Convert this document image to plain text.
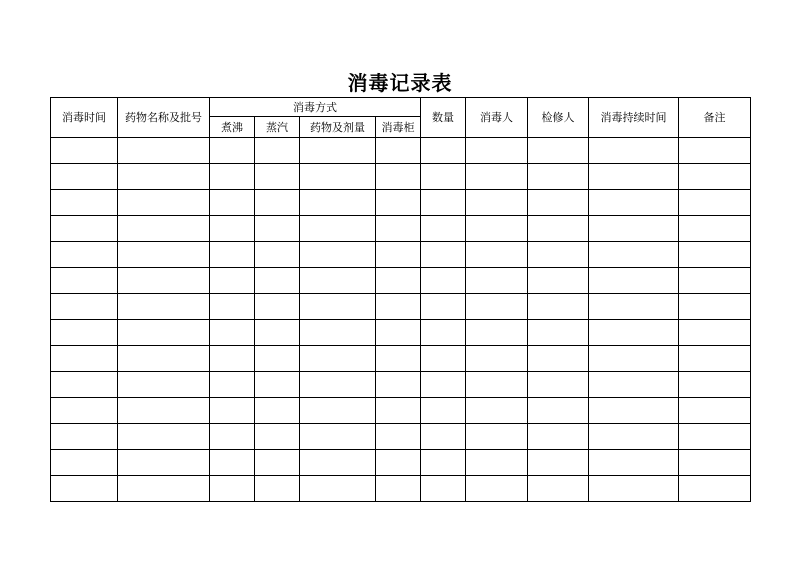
消毒记录表
消毒时间	药物名称及批号	消毒方式				数量	消毒人	检修人	消毒持续时间	备注
		煮沸	蒸汽	药物及剂量	消毒柜					
